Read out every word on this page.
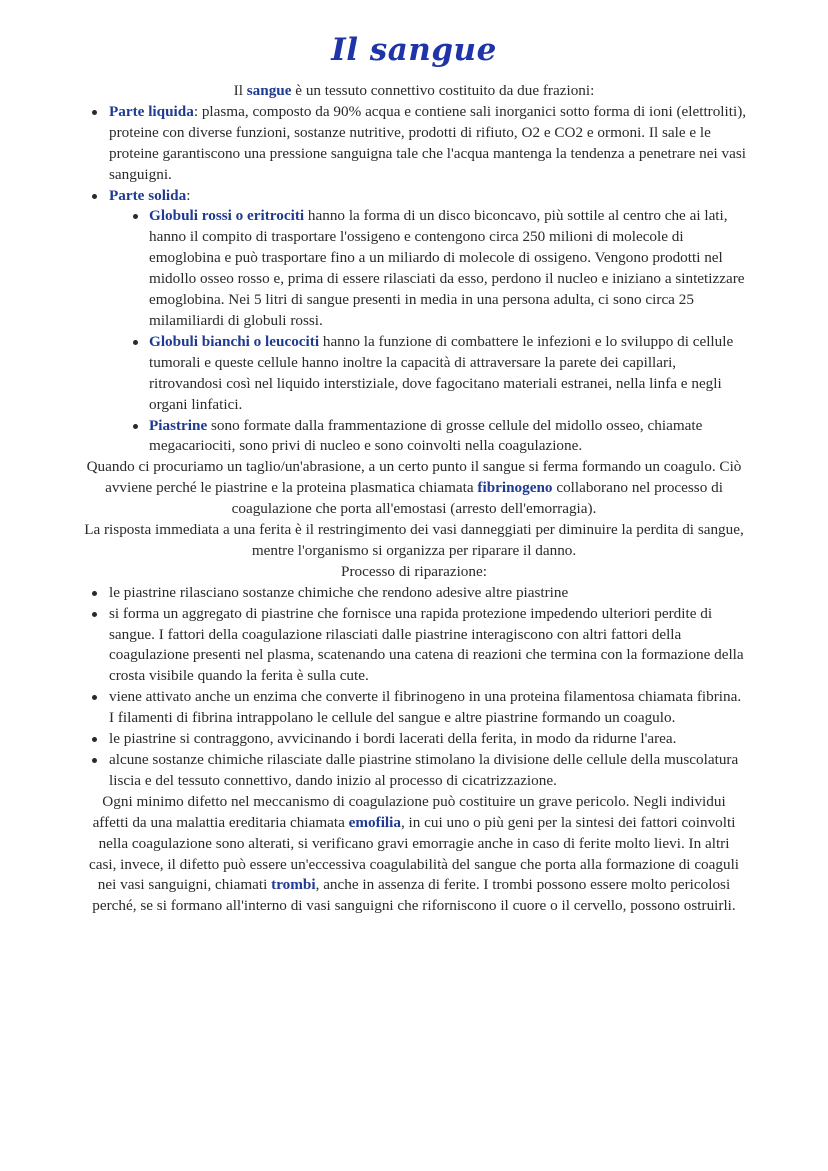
Il sangue

Il sangue è un tessuto connettivo costituito da due frazioni:

Parte liquida: plasma, composto da 90% acqua e contiene sali inorganici sotto forma di ioni (elettroliti), proteine con diverse funzioni, sostanze nutritive, prodotti di rifiuto, O2 e CO2 e ormoni. Il sale e le proteine garantiscono una pressione sanguigna tale che l'acqua mantenga la tendenza a penetrare nei vasi sanguigni.
Parte solida:
Globuli rossi o eritrociti hanno la forma di un disco biconcavo, più sottile al centro che ai lati, hanno il compito di trasportare l'ossigeno e contengono circa 250 milioni di molecole di emoglobina e può trasportare fino a un miliardo di molecole di ossigeno. Vengono prodotti nel midollo osseo rosso e, prima di essere rilasciati da esso, perdono il nucleo e iniziano a sintetizzare emoglobina. Nei 5 litri di sangue presenti in media in una persona adulta, ci sono circa 25 milamiliardi di globuli rossi.
Globuli bianchi o leucociti hanno la funzione di combattere le infezioni e lo sviluppo di cellule tumorali e queste cellule hanno inoltre la capacità di attraversare la parete dei capillari, ritrovandosi così nel liquido interstiziale, dove fagocitano materiali estranei, nella linfa e negli organi linfatici.
Piastrine sono formate dalla frammentazione di grosse cellule del midollo osseo, chiamate megacariociti, sono privi di nucleo e sono coinvolti nella coagulazione.

Quando ci procuriamo un taglio/un'abrasione, a un certo punto il sangue si ferma formando un coagulo. Ciò avviene perché le piastrine e la proteina plasmatica chiamata fibrinogeno collaborano nel processo di coagulazione che porta all'emostasi (arresto dell'emorragia).

La risposta immediata a una ferita è il restringimento dei vasi danneggiati per diminuire la perdita di sangue, mentre l'organismo si organizza per riparare il danno.

Processo di riparazione:

le piastrine rilasciano sostanze chimiche che rendono adesive altre piastrine
si forma un aggregato di piastrine che fornisce una rapida protezione impedendo ulteriori perdite di sangue. I fattori della coagulazione rilasciati dalle piastrine interagiscono con altri fattori della coagulazione presenti nel plasma, scatenando una catena di reazioni che termina con la formazione della crosta visibile quando la ferita è sulla cute.
viene attivato anche un enzima che converte il fibrinogeno in una proteina filamentosa chiamata fibrina. I filamenti di fibrina intrappolano le cellule del sangue e altre piastrine formando un coagulo.
le piastrine si contraggono, avvicinando i bordi lacerati della ferita, in modo da ridurne l'area.
alcune sostanze chimiche rilasciate dalle piastrine stimolano la divisione delle cellule della muscolatura liscia e del tessuto connettivo, dando inizio al processo di cicatrizzazione.

Ogni minimo difetto nel meccanismo di coagulazione può costituire un grave pericolo. Negli individui affetti da una malattia ereditaria chiamata emofilia, in cui uno o più geni per la sintesi dei fattori coinvolti nella coagulazione sono alterati, si verificano gravi emorragie anche in caso di ferite molto lievi. In altri casi, invece, il difetto può essere un'eccessiva coagulabilità del sangue che porta alla formazione di coaguli nei vasi sanguigni, chiamati trombi, anche in assenza di ferite. I trombi possono essere molto pericolosi perché, se si formano all'interno di vasi sanguigni che riforniscono il cuore o il cervello, possono ostruirli.
